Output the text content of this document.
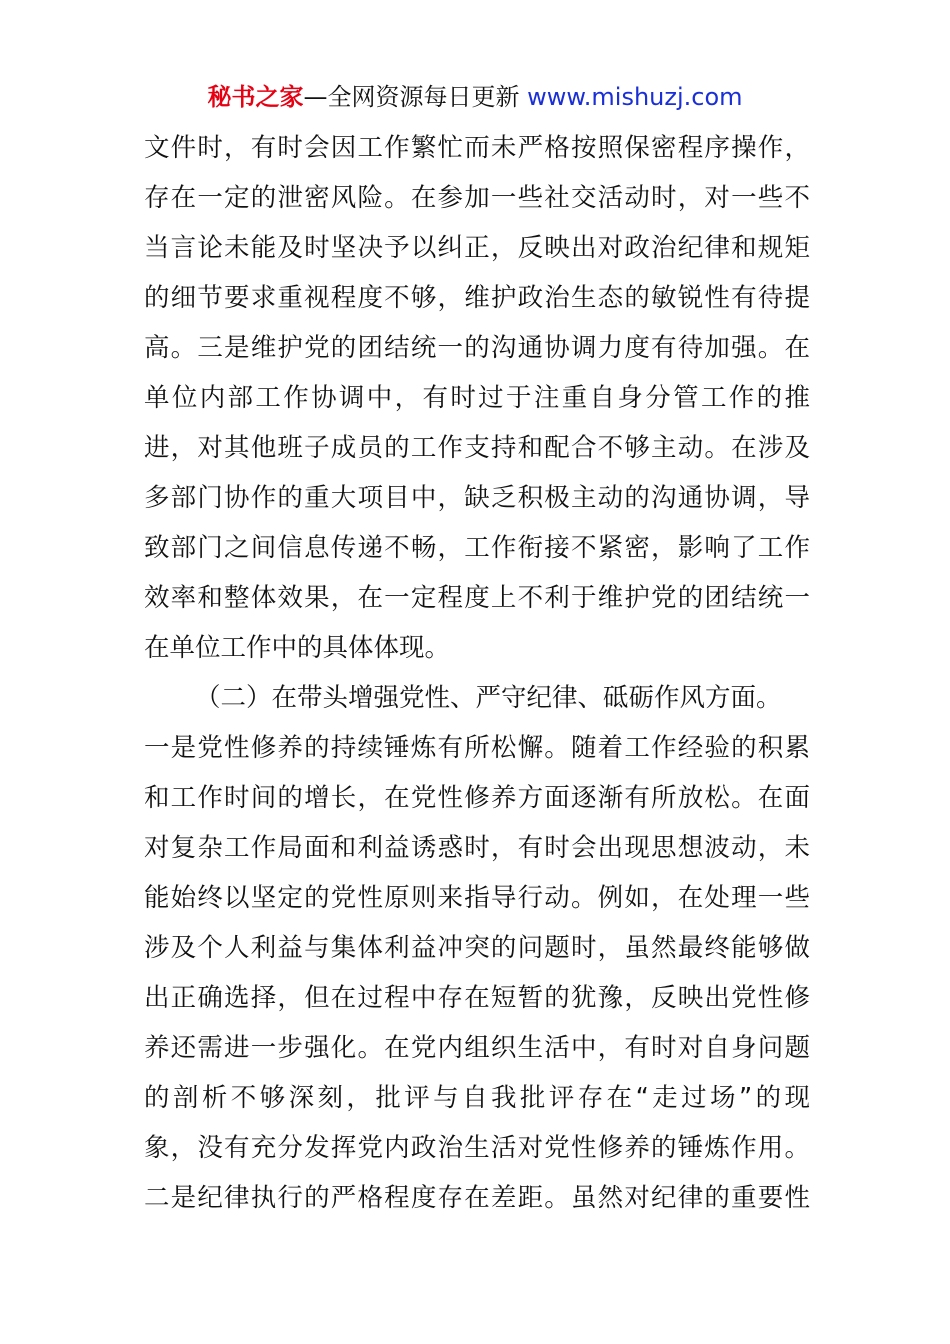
秘书之家—全网资源每日更新 www.mishuzj.com
文件时，有时会因工作繁忙而未严格按照保密程序操作，
存在一定的泄密风险。在参加一些社交活动时，对一些不
当言论未能及时坚决予以纠正，反映出对政治纪律和规矩
的细节要求重视程度不够，维护政治生态的敏锐性有待提
高。三是维护党的团结统一的沟通协调力度有待加强。在
单位内部工作协调中，有时过于注重自身分管工作的推
进，对其他班子成员的工作支持和配合不够主动。在涉及
多部门协作的重大项目中，缺乏积极主动的沟通协调，导
致部门之间信息传递不畅，工作衔接不紧密，影响了工作
效率和整体效果，在一定程度上不利于维护党的团结统一
在单位工作中的具体体现。
（二）在带头增强党性、严守纪律、砥砺作风方面。
一是党性修养的持续锤炼有所松懈。随着工作经验的积累
和工作时间的增长，在党性修养方面逐渐有所放松。在面
对复杂工作局面和利益诱惑时，有时会出现思想波动，未
能始终以坚定的党性原则来指导行动。例如，在处理一些
涉及个人利益与集体利益冲突的问题时，虽然最终能够做
出正确选择，但在过程中存在短暂的犹豫，反映出党性修
养还需进一步强化。在党内组织生活中，有时对自身问题
的剖析不够深刻，批评与自我批评存在“走过场”的现
象，没有充分发挥党内政治生活对党性修养的锤炼作用。
二是纪律执行的严格程度存在差距。虽然对纪律的重要性
